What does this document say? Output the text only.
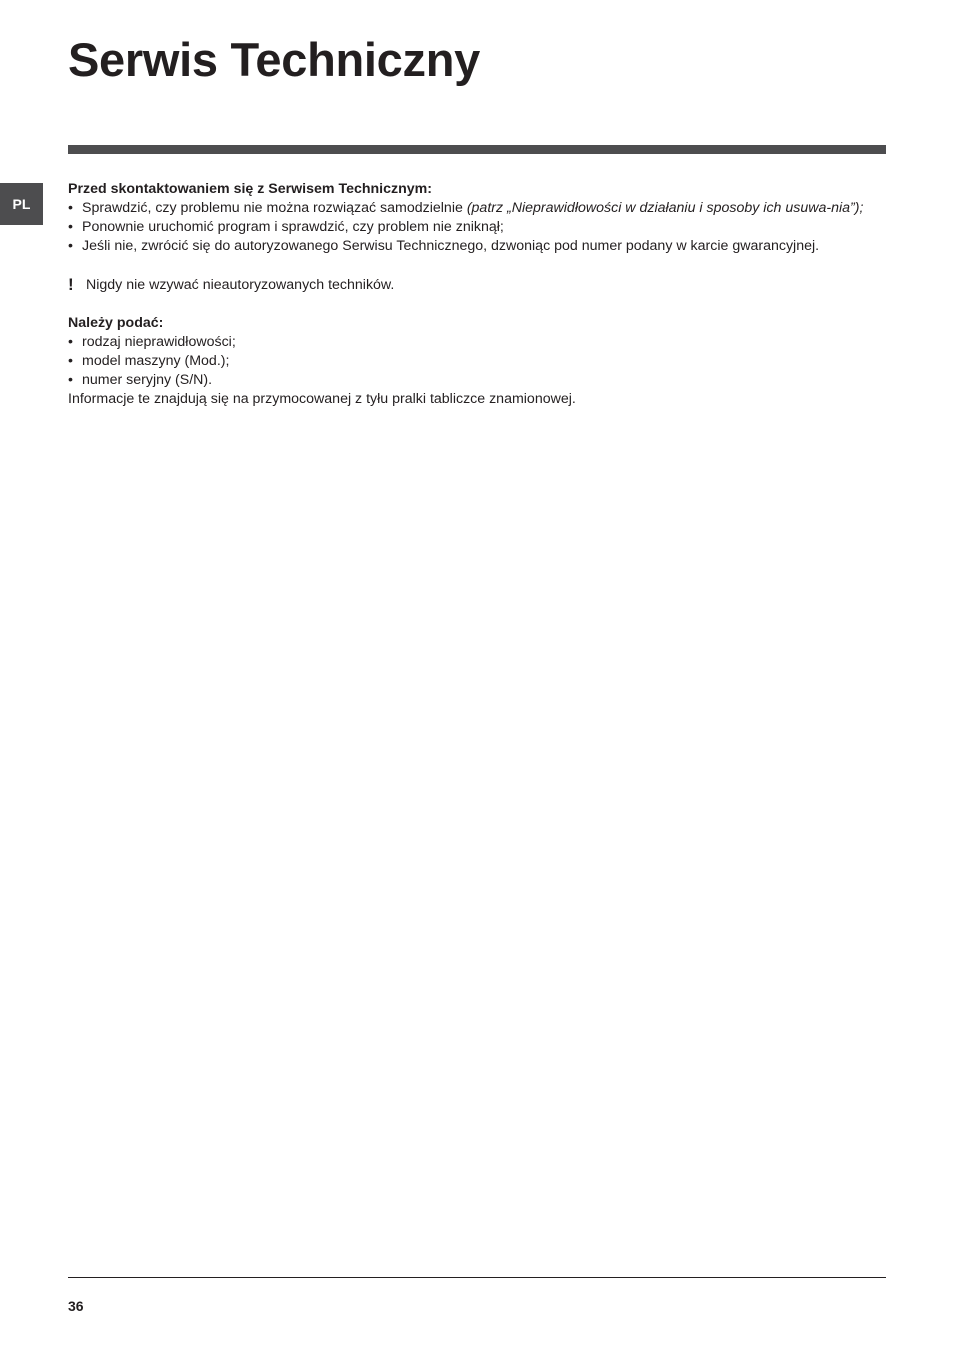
Serwis Techniczny
PL

Przed skontaktowaniem się z Serwisem Technicznym:

• Sprawdzić, czy problemu nie można rozwiązać samodzielnie (patrz „Nieprawidłowości w działaniu i sposoby ich usuwa-nia”);
• Ponownie uruchomić program i sprawdzić, czy problem nie zniknął;
• Jeśli nie, zwrócić się do autoryzowanego Serwisu Technicznego, dzwoniąc pod numer podany w karcie gwarancyjnej.

! Nigdy nie wzywać nieautoryzowanych techników.

Należy podać:

• rodzaj nieprawidłowości;
• model maszyny (Mod.);
• numer seryjny (S/N).

Informacje te znajdują się na przymocowanej z tyłu pralki tabliczce znamionowej.

36
